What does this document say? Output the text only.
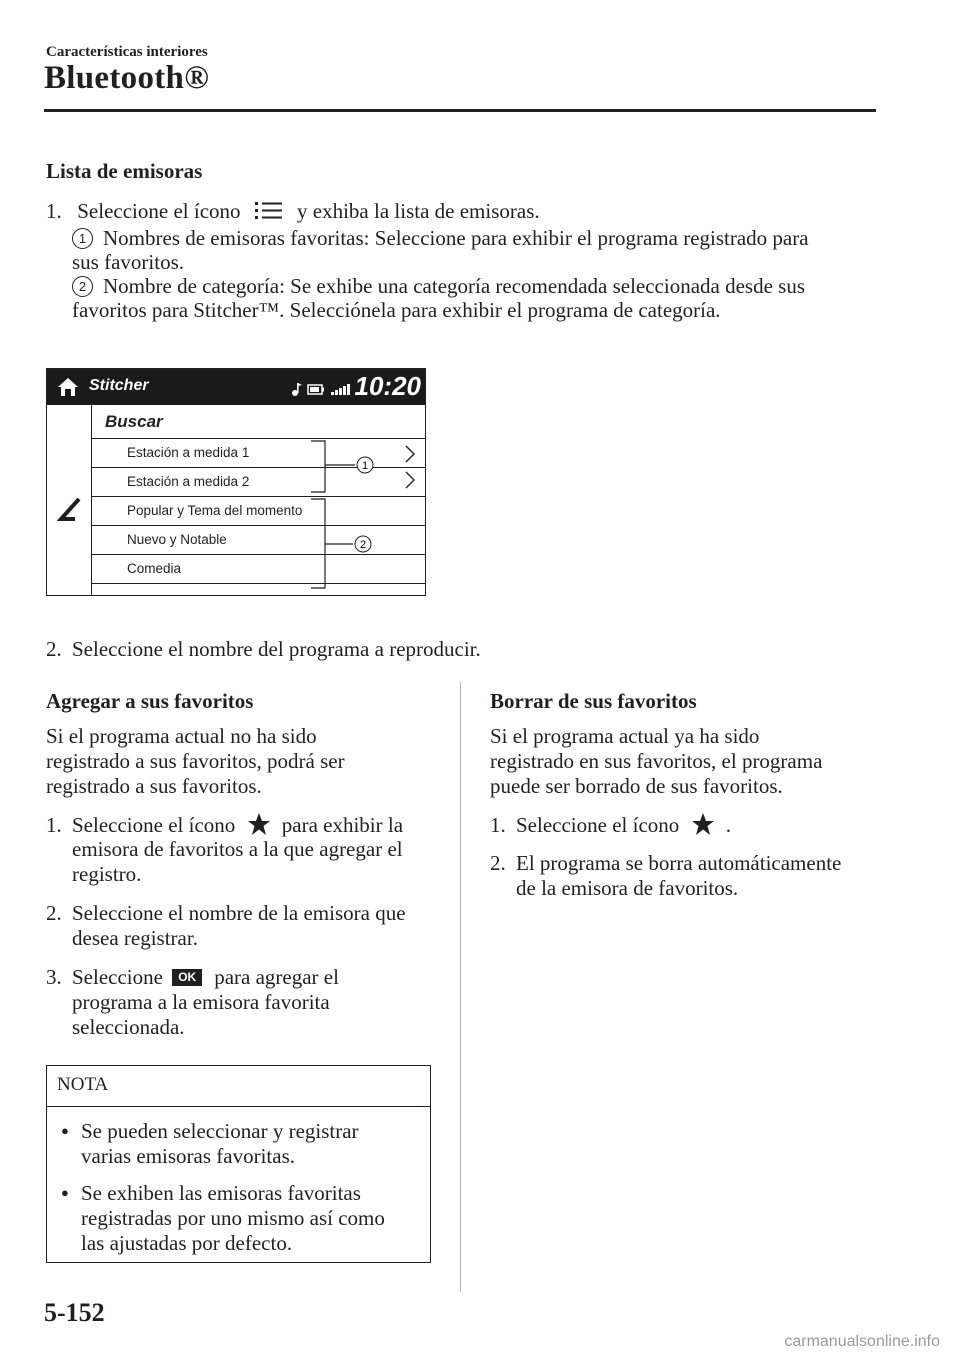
Características interiores
Bluetooth®
Lista de emisoras
1. Seleccione el ícono	y exhiba la lista de emisoras.
1 Nombres de emisoras favoritas: Seleccione para exhibir el programa registrado para
sus favoritos.
2 Nombre de categoría: Se exhibe una categoría recomendada seleccionada desde sus
favoritos para Stitcher™. Selecciónela para exhibir el programa de categoría.
Stitcher	10:20
Buscar
Estación a medida 1
Estación a medida 2
Popular y Tema del momento
Nuevo y Notable
Comedia
1
2
2. Seleccione el nombre del programa a reproducir.
Agregar a sus favoritos
Si el programa actual no ha sido
registrado a sus favoritos, podrá ser
registrado a sus favoritos.
1. Seleccione el ícono para exhibir la
emisora de favoritos a la que agregar el
registro.
2. Seleccione el nombre de la emisora que
desea registrar.
3. Seleccione OK para agregar el
programa a la emisora favorita
seleccionada.
NOTA
● Se pueden seleccionar y registrar
varias emisoras favoritas.
● Se exhiben las emisoras favoritas
registradas por uno mismo así como
las ajustadas por defecto.
Borrar de sus favoritos
Si el programa actual ya ha sido
registrado en sus favoritos, el programa
puede ser borrado de sus favoritos.
1. Seleccione el ícono .
2. El programa se borra automáticamente
de la emisora de favoritos.
5-152
carmanualsonline.info
